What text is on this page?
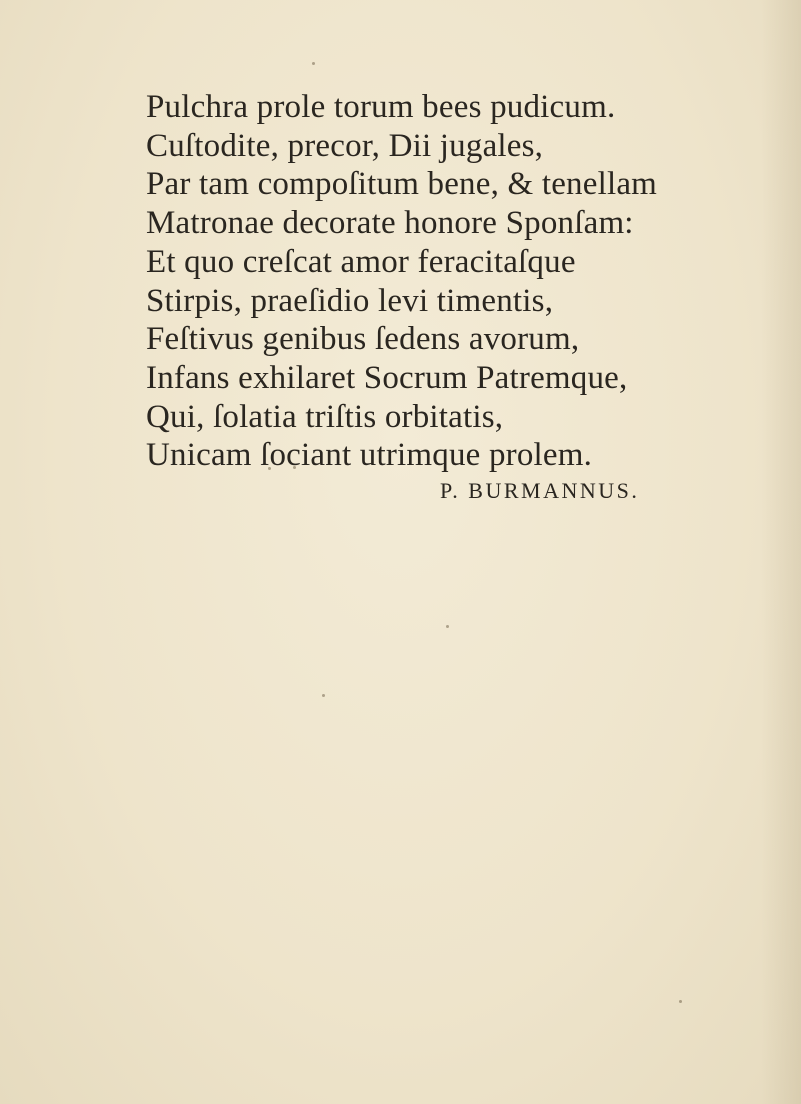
Pulchra prole torum bees pudicum.
Cuſtodite, precor, Dii jugales,
Par tam compoſitum bene, & tenellam
Matronae decorate honore Sponſam:
Et quo creſcat amor feracitaſque
Stirpis, praeſidio levi timentis,
Feſtivus genibus ſedens avorum,
Infans exhilaret Socrum Patremque,
Qui, ſolatia triſtis orbitatis,
Unicam ſociant utrimque prolem.
P. BURMANNUS.
